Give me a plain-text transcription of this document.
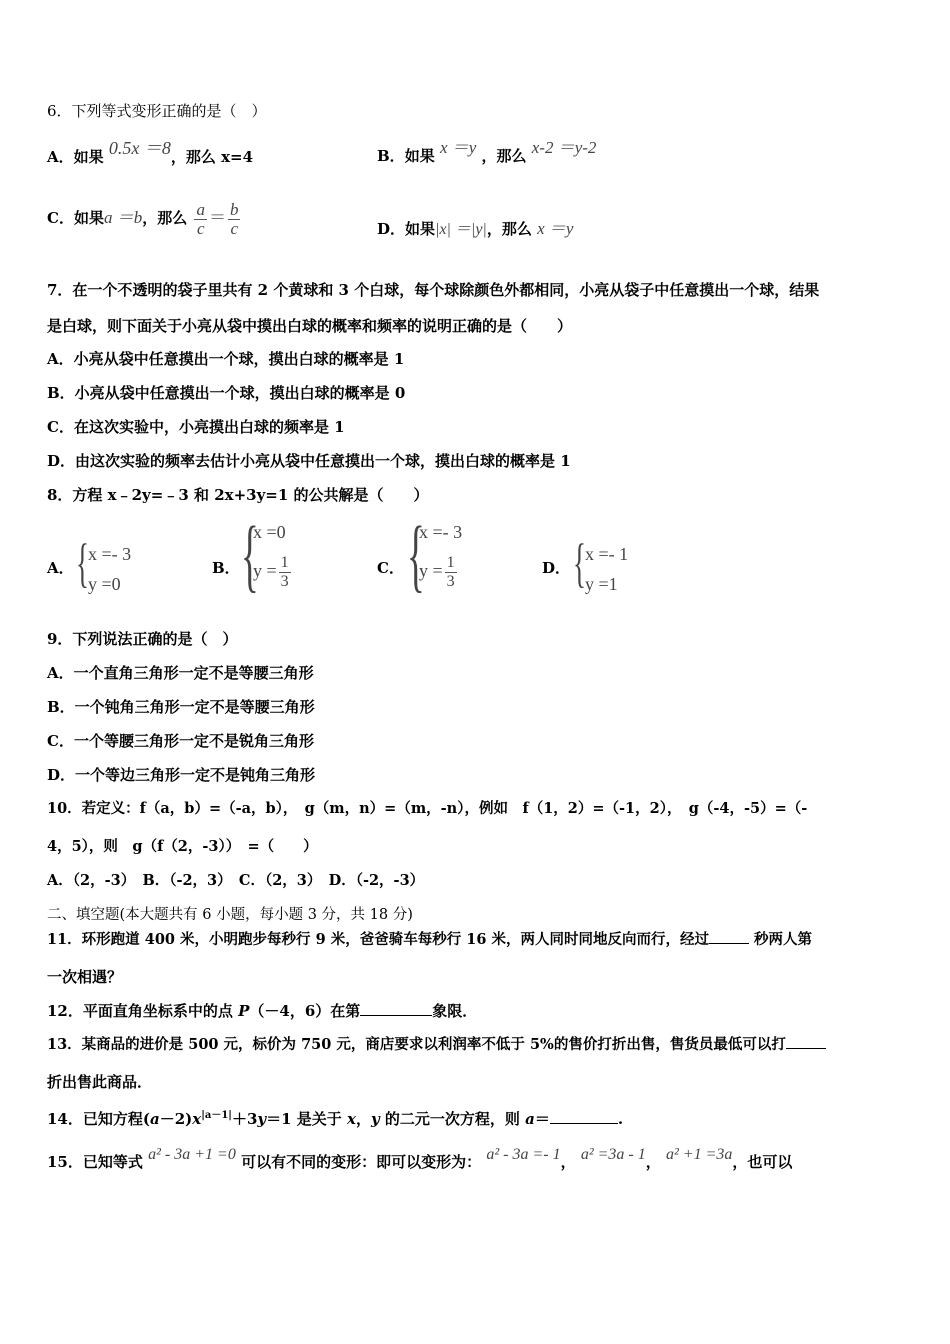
6．下列等式变形正确的是（　）
A．如果 0.5x ＝8，那么 x=4	B．如果 x ＝y ，那么 x-2 ＝y-2
C．如果a ＝b，那么 $\frac{a}{c} = \frac{b}{c}$	D．如果|x| ＝|y|，那么 x ＝y
7．在一个不透明的袋子里共有 2 个黄球和 3 个白球，每个球除颜色外都相同，小亮从袋子中任意摸出一个球，结果
是白球，则下面关于小亮从袋中摸出白球的概率和频率的说明正确的是（　　）
A．小亮从袋中任意摸出一个球，摸出白球的概率是 1
B．小亮从袋中任意摸出一个球，摸出白球的概率是 0
C．在这次实验中，小亮摸出白球的频率是 1
D．由这次实验的频率去估计小亮从袋中任意摸出一个球，摸出白球的概率是 1
8．方程 x﹣2y=﹣3 和 2x+3y=1 的公共解是（　　）
A． { x =- 3
y =0
B． {
x =0
$y = \frac{1}{3}$	C． {
x =- 3
$y = \frac{1}{3}$	D． { x =- 1
y =1
9．下列说法正确的是（　）
A．一个直角三角形一定不是等腰三角形
B．一个钝角三角形一定不是等腰三角形
C．一个等腰三角形一定不是锐角三角形
D．一个等边三角形一定不是钝角三角形
10．若定义：f（a，b）=（-a，b），　g（m，n）=（m，-n），例如　f（1，2）=（-1，2），　g（-4，-5）=（-
4，5），则　g（f（2，-3））　=（　　）
A．（2，-3）　B．（-2，3）　C．（2，3）　D．（-2，-3）
二、填空题(本大题共有 6 小题，每小题 3 分，共 18 分)
11．环形跑道 400 米，小明跑步每秒行 9 米，爸爸骑车每秒行 16 米，两人同时同地反向而行，经过	秒两人第
一次相遇？
12．平面直角坐标系中的点 P（－4，6）在第	象限．
13．某商品的进价是 500 元，标价为 750 元，商店要求以利润率不低于 5%的售价打折出售，售货员最低可以打
折出售此商品．
14．已知方程$(a-2)x^{|a-1|}+3y=1$ 是关于 x，y 的二元一次方程，则 a＝	.
15．已知等式 a² - 3a +1 =0 可以有不同的变形：即可以变形为： a² - 3a =- 1， a² =3a - 1， a² +1 =3a，也可以
